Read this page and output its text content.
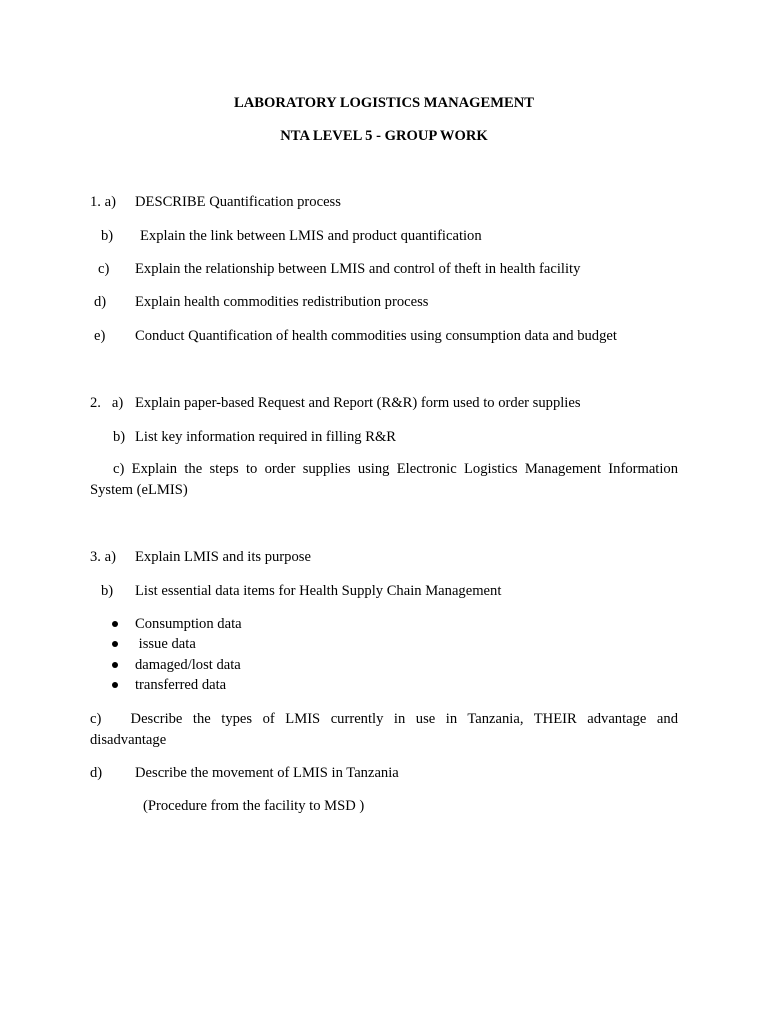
LABORATORY LOGISTICS MANAGEMENT
NTA LEVEL 5 - GROUP WORK
1. a) DESCRIBE Quantification process
b) Explain the link between LMIS and product quantification
c) Explain the relationship between LMIS and control of theft in health facility
d) Explain health commodities redistribution process
e) Conduct Quantification of health commodities using consumption data and budget
2.   a) Explain paper-based Request and Report (R&R) form used to order supplies
b) List key information required in filling R&R
c) Explain the steps to order supplies using Electronic Logistics Management Information System (eLMIS)
3. a) Explain LMIS and its purpose
b) List essential data items for Health Supply Chain Management
Consumption data
issue data
damaged/lost data
transferred data
c)   Describe the types of LMIS currently in use in Tanzania, THEIR advantage and disadvantage
d) Describe the movement of LMIS in Tanzania
(Procedure from the facility to MSD )
